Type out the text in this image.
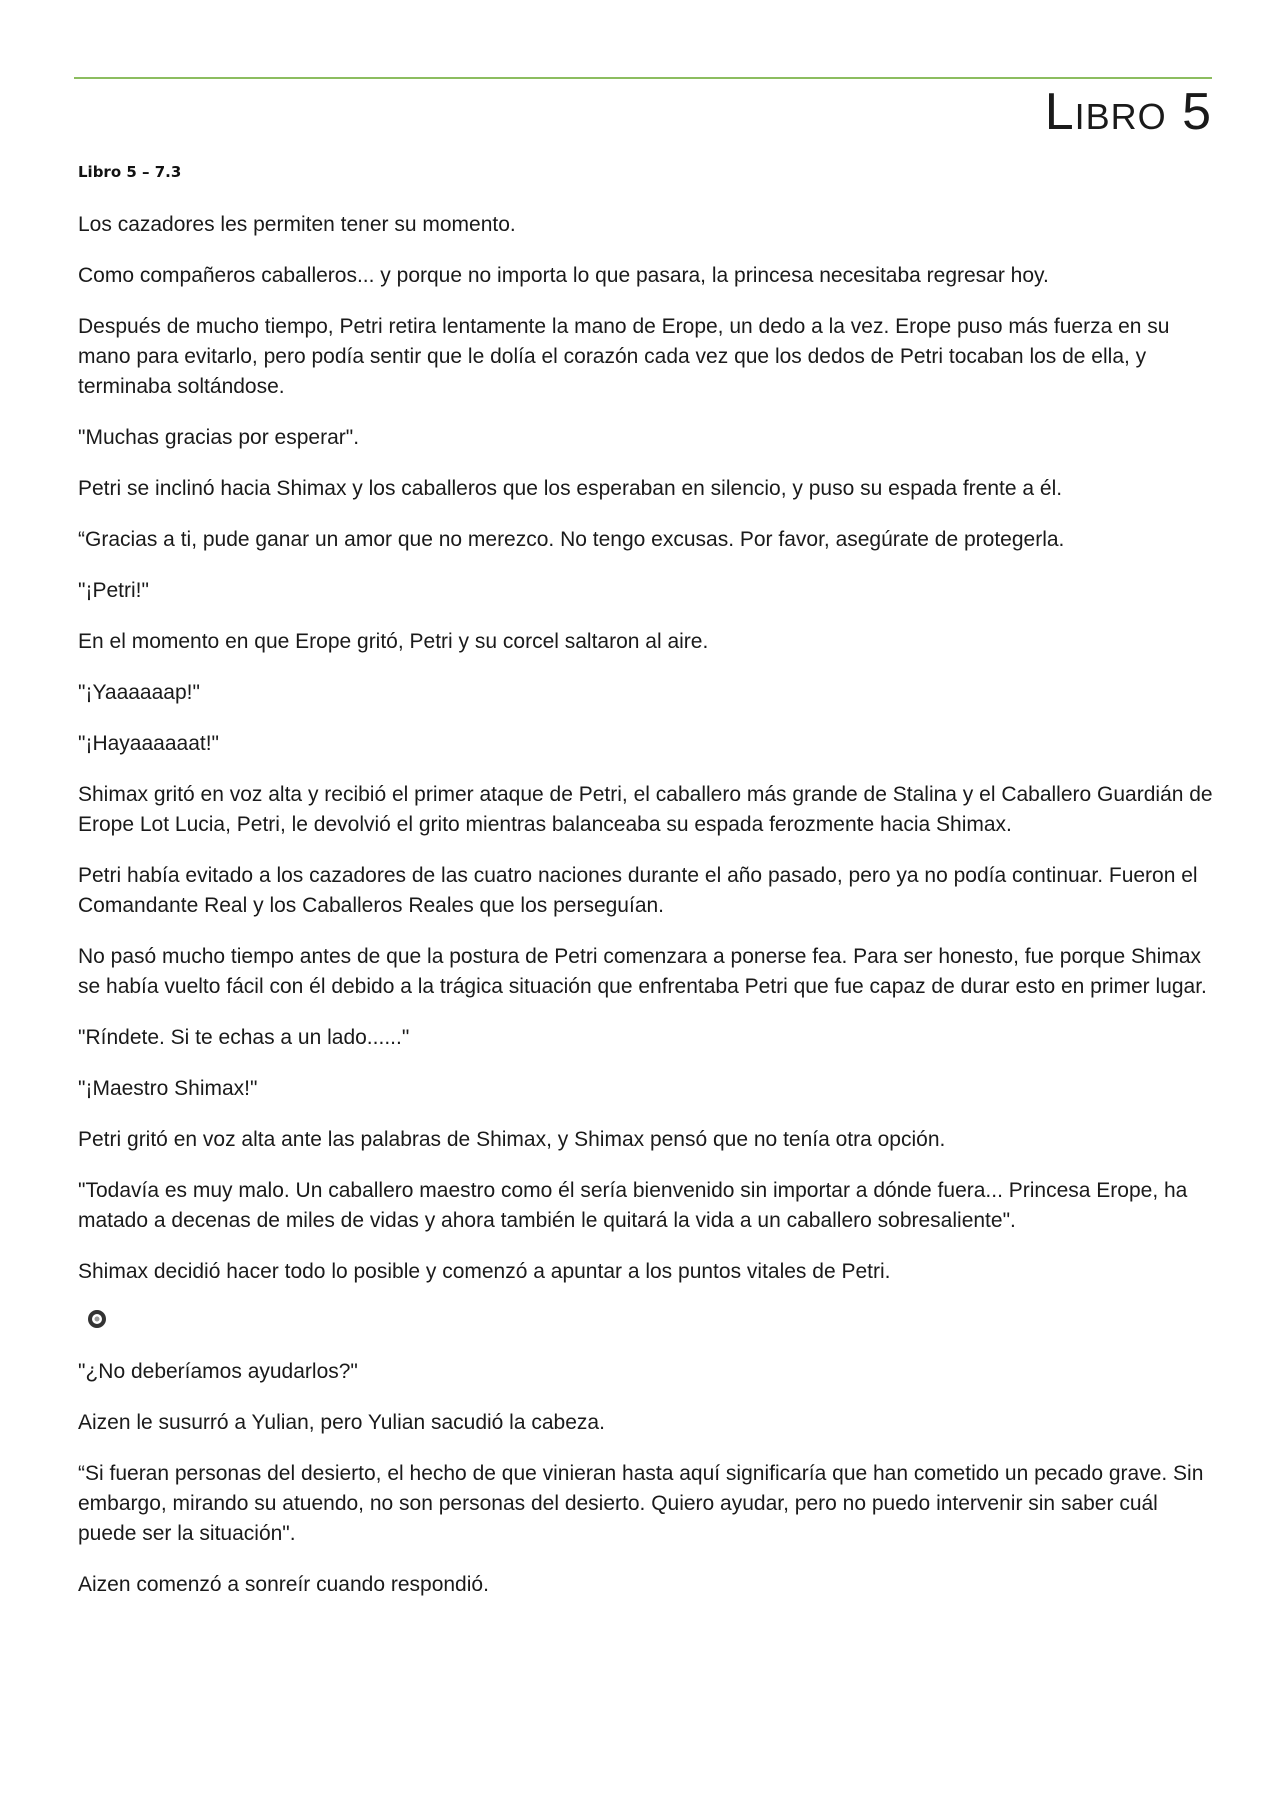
Libro 5
Libro 5 – 7.3

Los cazadores les permiten tener su momento.

Como compañeros caballeros... y porque no importa lo que pasara, la princesa necesitaba regresar hoy.

Después de mucho tiempo, Petri retira lentamente la mano de Erope, un dedo a la vez. Erope puso más fuerza en su mano para evitarlo, pero podía sentir que le dolía el corazón cada vez que los dedos de Petri tocaban los de ella, y terminaba soltándose.

"Muchas gracias por esperar".

Petri se inclinó hacia Shimax y los caballeros que los esperaban en silencio, y puso su espada frente a él.

“Gracias a ti, pude ganar un amor que no merezco. No tengo excusas. Por favor, asegúrate de protegerla.

"¡Petri!"

En el momento en que Erope gritó, Petri y su corcel saltaron al aire.

"¡Yaaaaaap!"

"¡Hayaaaaaat!"

Shimax gritó en voz alta y recibió el primer ataque de Petri, el caballero más grande de Stalina y el Caballero Guardián de Erope Lot Lucia, Petri, le devolvió el grito mientras balanceaba su espada ferozmente hacia Shimax.

Petri había evitado a los cazadores de las cuatro naciones durante el año pasado, pero ya no podía continuar. Fueron el Comandante Real y los Caballeros Reales que los perseguían.

No pasó mucho tiempo antes de que la postura de Petri comenzara a ponerse fea. Para ser honesto, fue porque Shimax se había vuelto fácil con él debido a la trágica situación que enfrentaba Petri que fue capaz de durar esto en primer lugar.

"Ríndete. Si te echas a un lado......"

"¡Maestro Shimax!"

Petri gritó en voz alta ante las palabras de Shimax, y Shimax pensó que no tenía otra opción.

"Todavía es muy malo. Un caballero maestro como él sería bienvenido sin importar a dónde fuera... Princesa Erope, ha matado a decenas de miles de vidas y ahora también le quitará la vida a un caballero sobresaliente".

Shimax decidió hacer todo lo posible y comenzó a apuntar a los puntos vitales de Petri.

"¿No deberíamos ayudarlos?"

Aizen le susurró a Yulian, pero Yulian sacudió la cabeza.

“Si fueran personas del desierto, el hecho de que vinieran hasta aquí significaría que han cometido un pecado grave. Sin embargo, mirando su atuendo, no son personas del desierto. Quiero ayudar, pero no puedo intervenir sin saber cuál puede ser la situación".

Aizen comenzó a sonreír cuando respondió.
